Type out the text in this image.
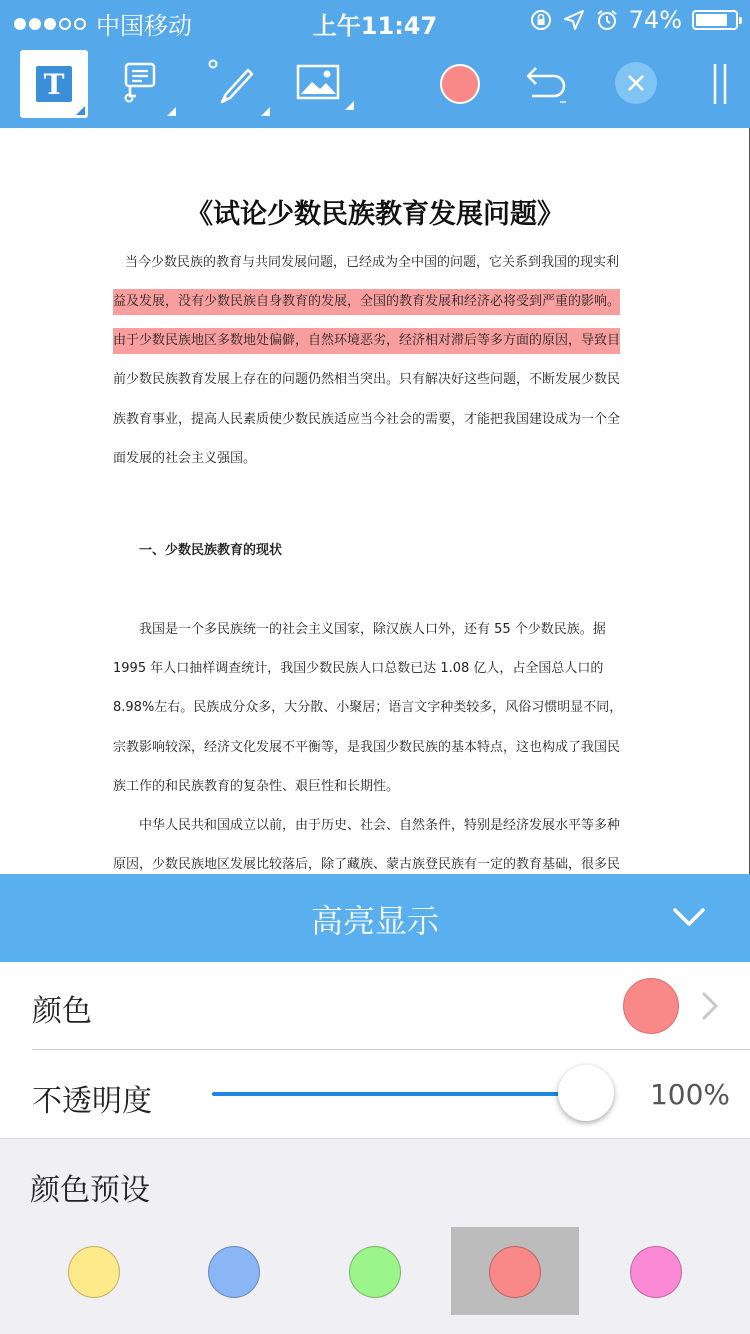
中国移动	上午11:47	74%
T
《试论少数民族教育发展问题》
当今少数民族的教育与共同发展问题，已经成为全中国的问题，它关系到我国的现实利
益及发展，没有少数民族自身教育的发展，全国的教育发展和经济必将受到严重的影响。
由于少数民族地区多数地处偏僻，自然环境恶劣，经济相对滞后等多方面的原因，导致目
前少数民族教育发展上存在的问题仍然相当突出。只有解决好这些问题，不断发展少数民
族教育事业，提高人民素质使少数民族适应当今社会的需要，才能把我国建设成为一个全
面发展的社会主义强国。
一、少数民族教育的现状
我国是一个多民族统一的社会主义国家，除汉族人口外，还有 55 个少数民族。据
1995 年人口抽样调查统计，我国少数民族人口总数已达 1.08 亿人，占全国总人口的
8.98%左右。民族成分众多，大分散、小聚居；语言文字种类较多，风俗习惯明显不同，
宗教影响较深，经济文化发展不平衡等，是我国少数民族的基本特点，这也构成了我国民
族工作的和民族教育的复杂性、艰巨性和长期性。
中华人民共和国成立以前，由于历史、社会、自然条件，特别是经济发展水平等多种
原因，少数民族地区发展比较落后，除了藏族、蒙古族登民族有一定的教育基础，很多民
高亮显示
颜色
不透明度	100%
颜色预设
